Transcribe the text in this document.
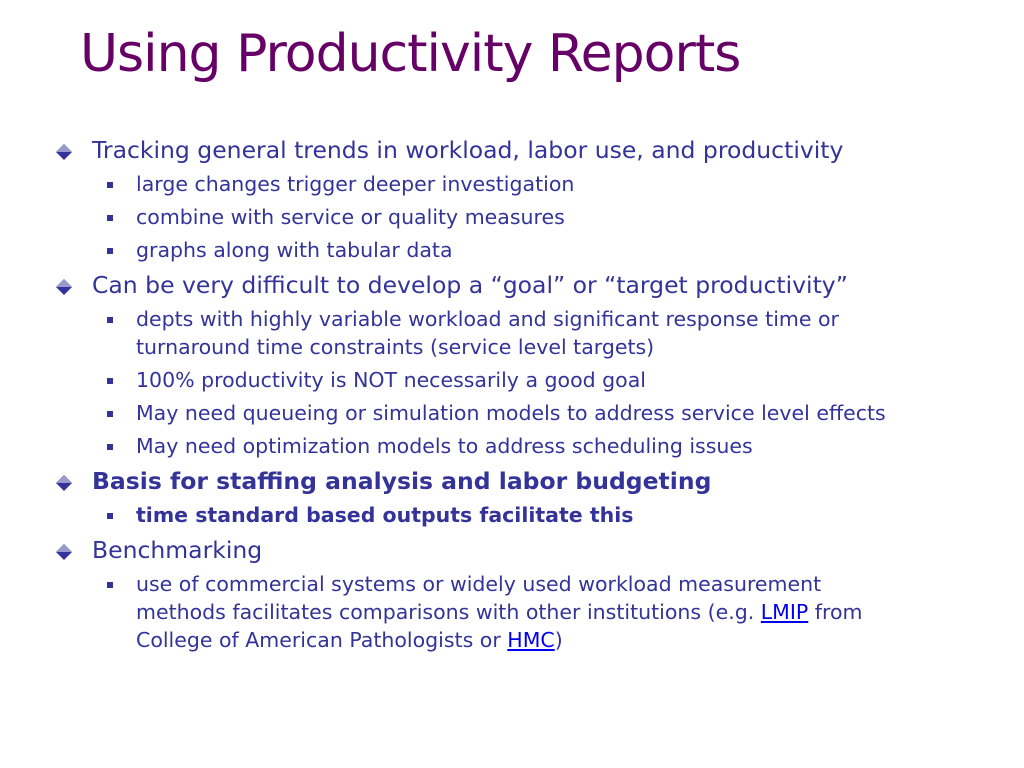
Using Productivity Reports
Tracking general trends in workload, labor use, and productivity
large changes trigger deeper investigation
combine with service or quality measures
graphs along with tabular data
Can be very difficult to develop a “goal” or “target productivity”
depts with highly variable workload and significant response time or turnaround time constraints (service level targets)
100% productivity is NOT necessarily a good goal
May need queueing or simulation models to address service level effects
May need optimization models to address scheduling issues
Basis for staffing analysis and labor budgeting
time standard based outputs facilitate this
Benchmarking
use of commercial systems or widely used workload measurement methods facilitates comparisons with other institutions (e.g. LMIP from College of American Pathologists or HMC)
